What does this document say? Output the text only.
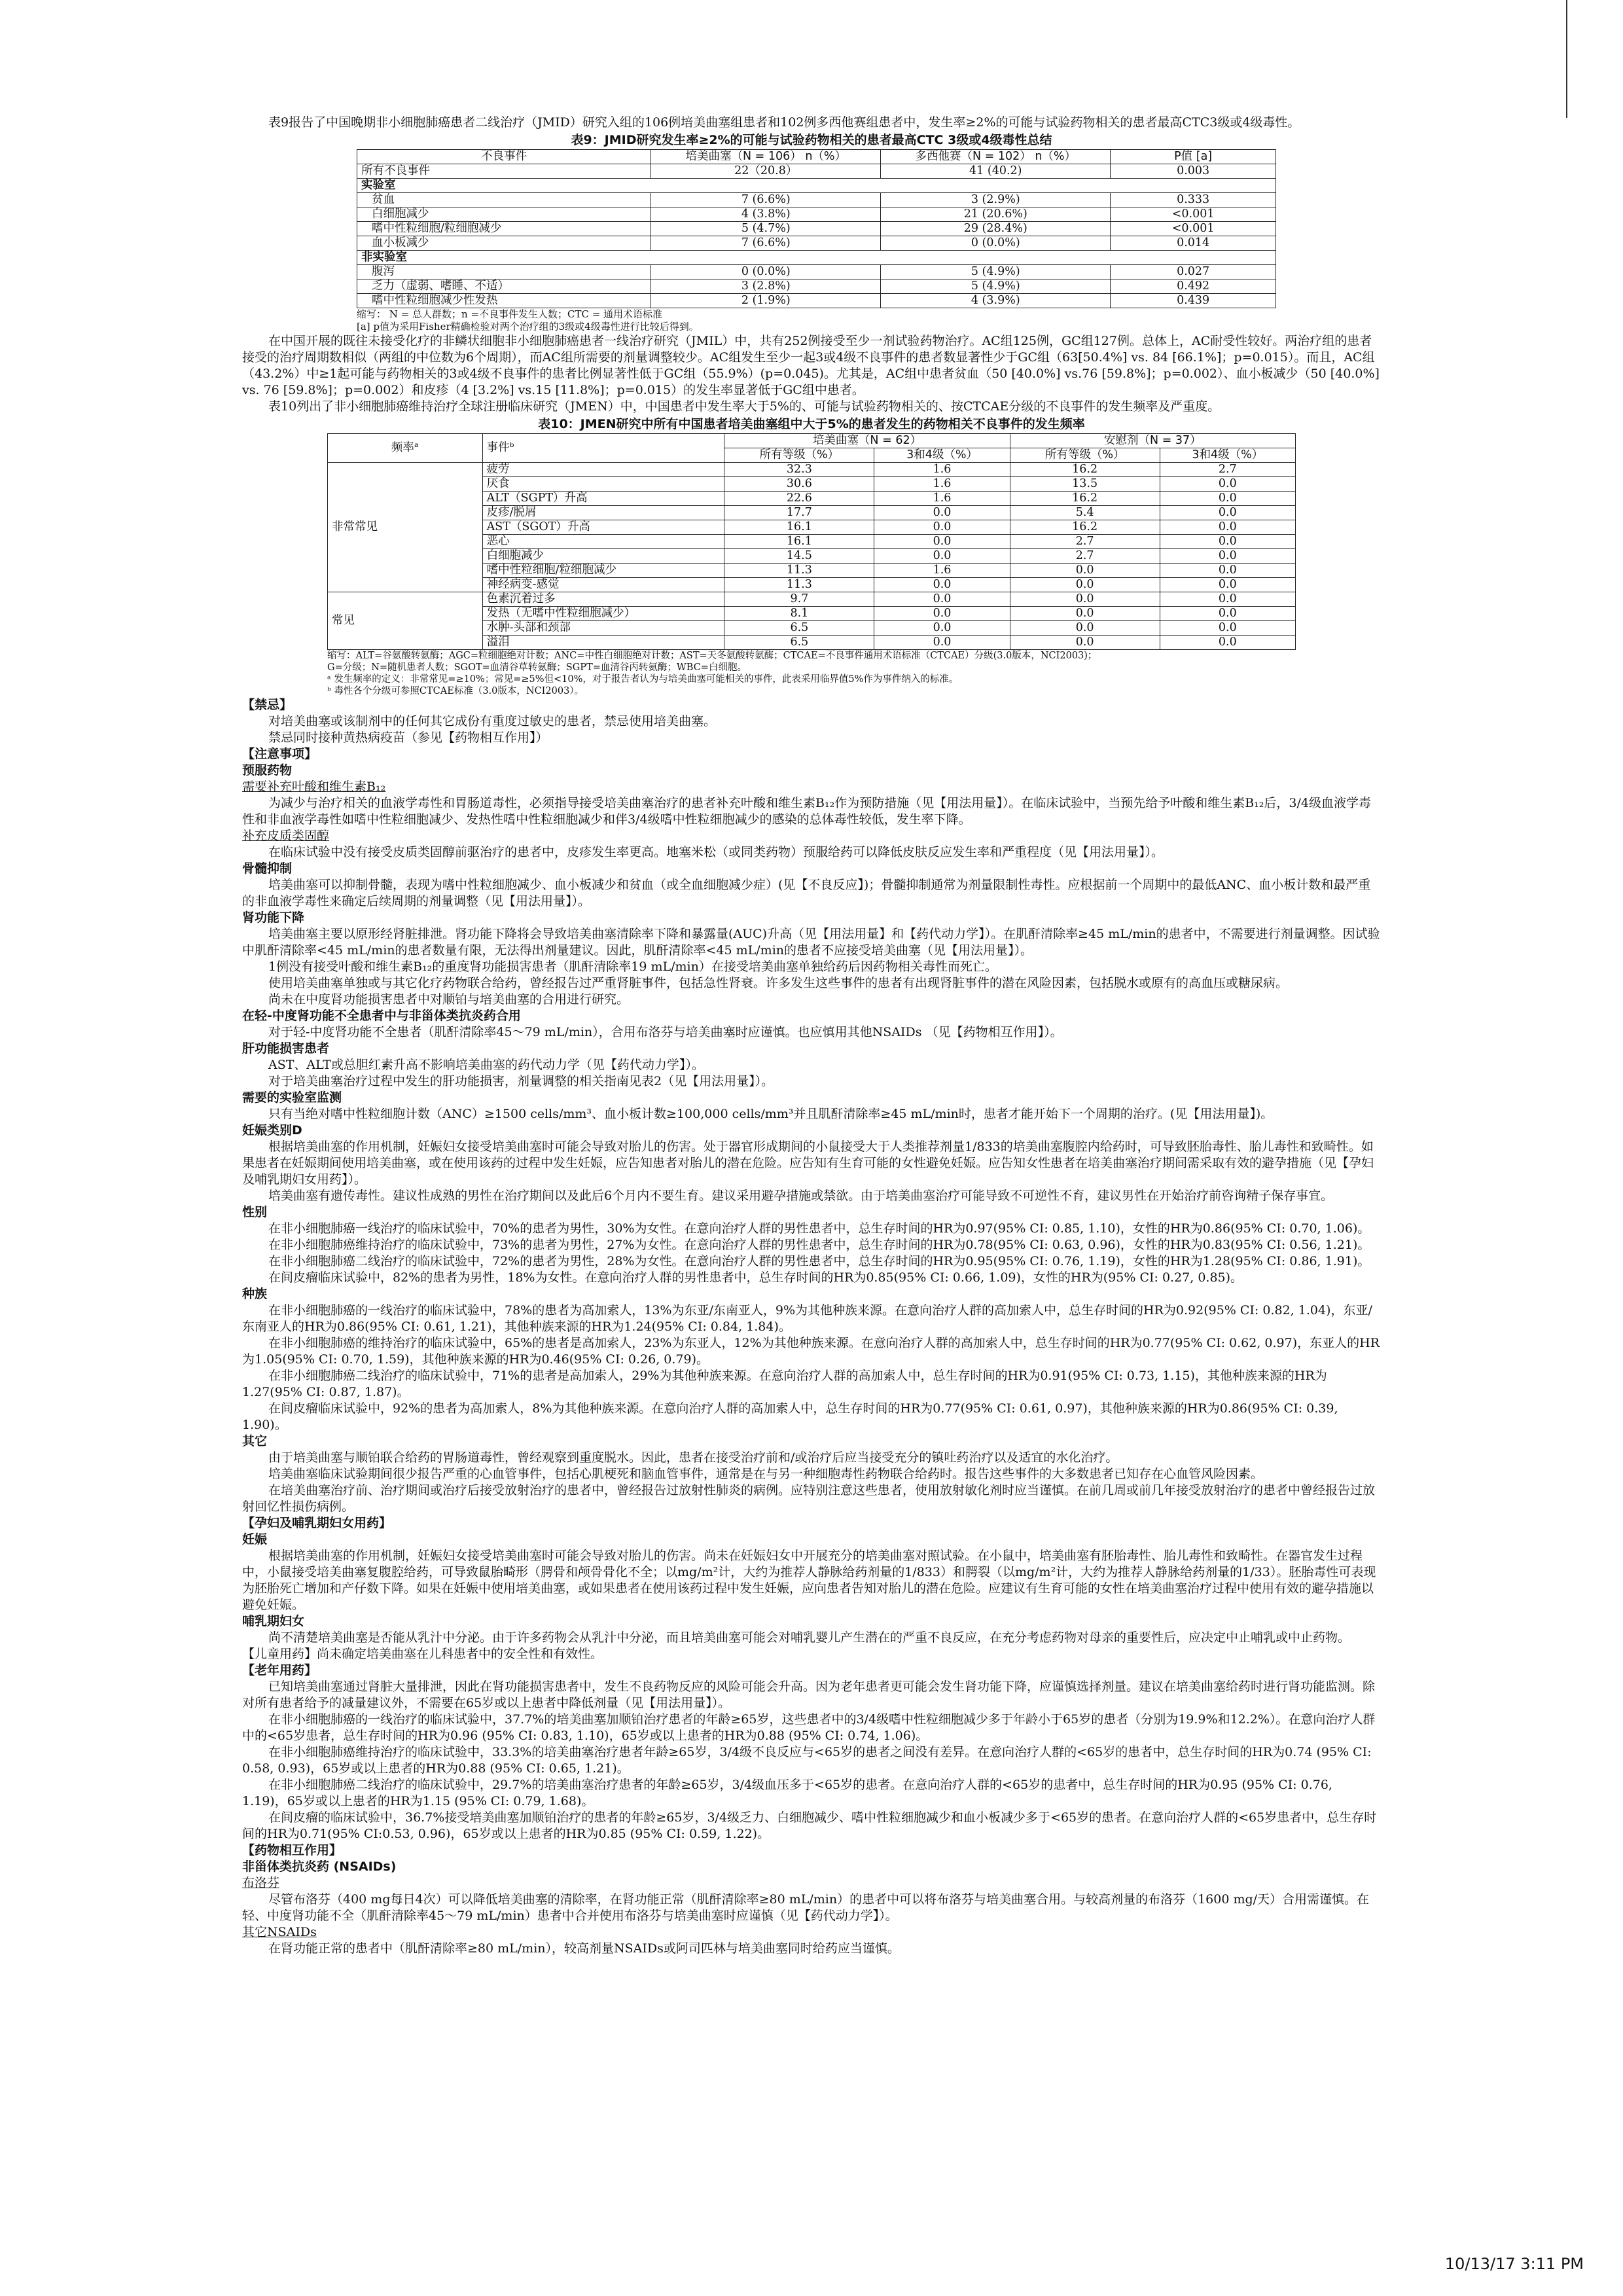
表9报告了中国晚期非小细胞肺癌患者二线治疗（JMID）研究入组的106例培美曲塞组患者和102例多西他赛组患者中，发生率≥2%的可能与试验药物相关的患者最高CTC3级或4级毒性。

表9：JMID研究发生率≥2%的可能与试验药物相关的患者最高CTC 3级或4级毒性总结
不良事件	培美曲塞（N = 106） n（%）	多西他赛（N = 102） n（%）	P值 [a]
所有不良事件	22（20.8）	41 (40.2)	0.003
实验室			
贫血	7 (6.6%)	3 (2.9%)	0.333
白细胞减少	4 (3.8%)	21 (20.6%)	<0.001
嗜中性粒细胞/粒细胞减少	5 (4.7%)	29 (28.4%)	<0.001
血小板减少	7 (6.6%)	0 (0.0%)	0.014
非实验室			
腹泻	0 (0.0%)	5 (4.9%)	0.027
乏力（虚弱、嗜睡、不适）	3 (2.8%)	5 (4.9%)	0.492
嗜中性粒细胞减少性发热	2 (1.9%)	4 (3.9%)	0.439

缩写： N = 总人群数；n =不良事件发生人数；CTC = 通用术语标准

[a] p值为采用Fisher精确检验对两个治疗组的3级或4级毒性进行比较后得到。

在中国开展的既往未接受化疗的非鳞状细胞非小细胞肺癌患者一线治疗研究（JMIL）中，共有252例接受至少一剂试验药物治疗。AC组125例，GC组127例。总体上，AC耐受性较好。两治疗组的患者接受的治疗周期数相似（两组的中位数为6个周期），而AC组所需要的剂量调整较少。AC组发生至少一起3或4级不良事件的患者数显著性少于GC组（63[50.4%] vs. 84 [66.1%]；p=0.015）。而且，AC组（43.2%）中≥1起可能与药物相关的3或4级不良事件的患者比例显著性低于GC组（55.9%）(p=0.045)。尤其是，AC组中患者贫血（50 [40.0%] vs.76 [59.8%]；p=0.002）、血小板减少（50 [40.0%] vs. 76 [59.8%]；p=0.002）和皮疹（4 [3.2%] vs.15 [11.8%]；p=0.015）的发生率显著低于GC组中患者。

表10列出了非小细胞肺癌维持治疗全球注册临床研究（JMEN）中，中国患者中发生率大于5%的、可能与试验药物相关的、按CTCAE分级的不良事件的发生频率及严重度。

表10：JMEN研究中所有中国患者培美曲塞组中大于5%的患者发生的药物相关不良事件的发生频率
频率ᵃ	事件ᵇ	培美曲塞（N = 62）		安慰剂（N = 37）	
		所有等级（%）	3和4级（%）	所有等级（%）	3和4级（%）
非常常见	疲劳	32.3	1.6	16.2	2.7
	厌食	30.6	1.6	13.5	0.0
	ALT（SGPT）升高	22.6	1.6	16.2	0.0
	皮疹/脱屑	17.7	0.0	5.4	0.0
	AST（SGOT）升高	16.1	0.0	16.2	0.0
	恶心	16.1	0.0	2.7	0.0
	白细胞减少	14.5	0.0	2.7	0.0
	嗜中性粒细胞/粒细胞减少	11.3	1.6	0.0	0.0
	神经病变-感觉	11.3	0.0	0.0	0.0
常见	色素沉着过多	9.7	0.0	0.0	0.0
	发热（无嗜中性粒细胞减少）	8.1	0.0	0.0	0.0
	水肿-头部和颈部	6.5	0.0	0.0	0.0
	溢泪	6.5	0.0	0.0	0.0

缩写：ALT=谷氨酸转氨酶；AGC=粒细胞绝对计数；ANC=中性白细胞绝对计数；AST=天冬氨酸转氨酶；CTCAE=不良事件通用术语标准（CTCAE）分级(3.0版本，NCI2003)；

G=分级；N=随机患者人数；SGOT=血清谷草转氨酶；SGPT=血清谷丙转氨酶；WBC=白细胞。

ᵃ 发生频率的定义：非常常见=≥10%；常见=≥5%但<10%，对于报告者认为与培美曲塞可能相关的事件，此表采用临界值5%作为事件纳入的标准。

ᵇ 毒性各个分级可参照CTCAE标准（3.0版本，NCI2003）。

【禁忌】

对培美曲塞或该制剂中的任何其它成份有重度过敏史的患者，禁忌使用培美曲塞。

禁忌同时接种黄热病疫苗（参见【药物相互作用】）

【注意事项】

预服药物

需要补充叶酸和维生素B₁₂

为减少与治疗相关的血液学毒性和胃肠道毒性，必须指导接受培美曲塞治疗的患者补充叶酸和维生素B₁₂作为预防措施（见【用法用量】）。在临床试验中，当预先给予叶酸和维生素B₁₂后，3/4级血液学毒性和非血液学毒性如嗜中性粒细胞减少、发热性嗜中性粒细胞减少和伴3/4级嗜中性粒细胞减少的感染的总体毒性较低，发生率下降。

补充皮质类固醇

在临床试验中没有接受皮质类固醇前驱治疗的患者中，皮疹发生率更高。地塞米松（或同类药物）预服给药可以降低皮肤反应发生率和严重程度（见【用法用量】）。

骨髓抑制

培美曲塞可以抑制骨髓，表现为嗜中性粒细胞减少、血小板减少和贫血（或全血细胞减少症）(见【不良反应】)；骨髓抑制通常为剂量限制性毒性。应根据前一个周期中的最低ANC、血小板计数和最严重的非血液学毒性来确定后续周期的剂量调整（见【用法用量】）。

肾功能下降

培美曲塞主要以原形经肾脏排泄。肾功能下降将会导致培美曲塞清除率下降和暴露量(AUC)升高（见【用法用量】和【药代动力学】）。在肌酐清除率≥45 mL/min的患者中，不需要进行剂量调整。因试验中肌酐清除率<45 mL/min的患者数量有限，无法得出剂量建议。因此，肌酐清除率<45 mL/min的患者不应接受培美曲塞（见【用法用量】）。

1例没有接受叶酸和维生素B₁₂的重度肾功能损害患者（肌酐清除率19 mL/min）在接受培美曲塞单独给药后因药物相关毒性而死亡。

使用培美曲塞单独或与其它化疗药物联合给药，曾经报告过严重肾脏事件，包括急性肾衰。许多发生这些事件的患者有出现肾脏事件的潜在风险因素，包括脱水或原有的高血压或糖尿病。

尚未在中度肾功能损害患者中对顺铂与培美曲塞的合用进行研究。

在轻-中度肾功能不全患者中与非甾体类抗炎药合用

对于轻-中度肾功能不全患者（肌酐清除率45～79 mL/min），合用布洛芬与培美曲塞时应谨慎。也应慎用其他NSAIDs （见【药物相互作用】）。

肝功能损害患者

AST、ALT或总胆红素升高不影响培美曲塞的药代动力学（见【药代动力学】）。

对于培美曲塞治疗过程中发生的肝功能损害，剂量调整的相关指南见表2（见【用法用量】）。

需要的实验室监测

只有当绝对嗜中性粒细胞计数（ANC）≥1500 cells/mm³、血小板计数≥100,000 cells/mm³并且肌酐清除率≥45 mL/min时，患者才能开始下一个周期的治疗。(见【用法用量】)。

妊娠类别D

根据培美曲塞的作用机制，妊娠妇女接受培美曲塞时可能会导致对胎儿的伤害。处于器官形成期间的小鼠接受大于人类推荐剂量1/833的培美曲塞腹腔内给药时，可导致胚胎毒性、胎儿毒性和致畸性。如果患者在妊娠期间使用培美曲塞，或在使用该药的过程中发生妊娠，应告知患者对胎儿的潜在危险。应告知有生育可能的女性避免妊娠。应告知女性患者在培美曲塞治疗期间需采取有效的避孕措施（见【孕妇及哺乳期妇女用药】）。

培美曲塞有遗传毒性。建议性成熟的男性在治疗期间以及此后6个月内不要生育。建议采用避孕措施或禁欲。由于培美曲塞治疗可能导致不可逆性不育，建议男性在开始治疗前咨询精子保存事宜。

性别

在非小细胞肺癌一线治疗的临床试验中，70%的患者为男性，30%为女性。在意向治疗人群的男性患者中，总生存时间的HR为0.97(95% CI: 0.85, 1.10)，女性的HR为0.86(95% CI: 0.70, 1.06)。

在非小细胞肺癌维持治疗的临床试验中，73%的患者为男性，27%为女性。在意向治疗人群的男性患者中，总生存时间的HR为0.78(95% CI: 0.63, 0.96)，女性的HR为0.83(95% CI: 0.56, 1.21)。

在非小细胞肺癌二线治疗的临床试验中，72%的患者为男性，28%为女性。在意向治疗人群的男性患者中，总生存时间的HR为0.95(95% CI: 0.76, 1.19)，女性的HR为1.28(95% CI: 0.86, 1.91)。

在间皮瘤临床试验中，82%的患者为男性，18%为女性。在意向治疗人群的男性患者中，总生存时间的HR为0.85(95% CI: 0.66, 1.09)，女性的HR为(95% CI: 0.27, 0.85)。

种族

在非小细胞肺癌的一线治疗的临床试验中，78%的患者为高加索人，13%为东亚/东南亚人，9%为其他种族来源。在意向治疗人群的高加索人中，总生存时间的HR为0.92(95% CI: 0.82, 1.04)，东亚/东南亚人的HR为0.86(95% CI: 0.61, 1.21)，其他种族来源的HR为1.24(95% CI: 0.84, 1.84)。

在非小细胞肺癌的维持治疗的临床试验中，65%的患者是高加索人，23%为东亚人，12%为其他种族来源。在意向治疗人群的高加索人中，总生存时间的HR为0.77(95% CI: 0.62, 0.97)，东亚人的HR为1.05(95% CI: 0.70, 1.59)，其他种族来源的HR为0.46(95% CI: 0.26, 0.79)。

在非小细胞肺癌二线治疗的临床试验中，71%的患者是高加索人，29%为其他种族来源。在意向治疗人群的高加索人中，总生存时间的HR为0.91(95% CI: 0.73, 1.15)，其他种族来源的HR为1.27(95% CI: 0.87, 1.87)。

在间皮瘤临床试验中，92%的患者为高加索人，8%为其他种族来源。在意向治疗人群的高加索人中，总生存时间的HR为0.77(95% CI: 0.61, 0.97)，其他种族来源的HR为0.86(95% CI: 0.39, 1.90)。

其它

由于培美曲塞与顺铂联合给药的胃肠道毒性，曾经观察到重度脱水。因此，患者在接受治疗前和/或治疗后应当接受充分的镇吐药治疗以及适宜的水化治疗。

培美曲塞临床试验期间很少报告严重的心血管事件，包括心肌梗死和脑血管事件，通常是在与另一种细胞毒性药物联合给药时。报告这些事件的大多数患者已知存在心血管风险因素。

在培美曲塞治疗前、治疗期间或治疗后接受放射治疗的患者中，曾经报告过放射性肺炎的病例。应特别注意这些患者，使用放射敏化剂时应当谨慎。在前几周或前几年接受放射治疗的患者中曾经报告过放射回忆性损伤病例。

【孕妇及哺乳期妇女用药】

妊娠

根据培美曲塞的作用机制，妊娠妇女接受培美曲塞时可能会导致对胎儿的伤害。尚未在妊娠妇女中开展充分的培美曲塞对照试验。在小鼠中，培美曲塞有胚胎毒性、胎儿毒性和致畸性。在器官发生过程中，小鼠接受培美曲塞复腹腔给药，可导致鼠胎畸形（腭骨和颅骨骨化不全；以mg/m²计，大约为推荐人静脉给药剂量的1/833）和腭裂（以mg/m²计，大约为推荐人静脉给药剂量的1/33）。胚胎毒性可表现为胚胎死亡增加和产仔数下降。如果在妊娠中使用培美曲塞，或如果患者在使用该药过程中发生妊娠，应向患者告知对胎儿的潜在危险。应建议有生育可能的女性在培美曲塞治疗过程中使用有效的避孕措施以避免妊娠。

哺乳期妇女

尚不清楚培美曲塞是否能从乳汁中分泌。由于许多药物会从乳汁中分泌，而且培美曲塞可能会对哺乳婴儿产生潜在的严重不良反应，在充分考虑药物对母亲的重要性后，应决定中止哺乳或中止药物。

【儿童用药】尚未确定培美曲塞在儿科患者中的安全性和有效性。

【老年用药】

已知培美曲塞通过肾脏大量排泄，因此在肾功能损害患者中，发生不良药物反应的风险可能会升高。因为老年患者更可能会发生肾功能下降，应谨慎选择剂量。建议在培美曲塞给药时进行肾功能监测。除对所有患者给予的减量建议外，不需要在65岁或以上患者中降低剂量（见【用法用量】）。

在非小细胞肺癌的一线治疗的临床试验中，37.7%的培美曲塞加顺铂治疗患者的年龄≥65岁，这些患者中的3/4级嗜中性粒细胞减少多于年龄小于65岁的患者（分别为19.9%和12.2%）。在意向治疗人群中的<65岁患者，总生存时间的HR为0.96 (95% CI: 0.83, 1.10)，65岁或以上患者的HR为0.88 (95% CI: 0.74, 1.06)。

在非小细胞肺癌维持治疗的临床试验中，33.3%的培美曲塞治疗患者年龄≥65岁，3/4级不良反应与<65岁的患者之间没有差异。在意向治疗人群的<65岁的患者中，总生存时间的HR为0.74 (95% CI: 0.58, 0.93)，65岁或以上患者的HR为0.88 (95% CI: 0.65, 1.21)。

在非小细胞肺癌二线治疗的临床试验中，29.7%的培美曲塞治疗患者的年龄≥65岁，3/4级血压多于<65岁的患者。在意向治疗人群的<65岁的患者中，总生存时间的HR为0.95 (95% CI: 0.76, 1.19)，65岁或以上患者的HR为1.15 (95% CI: 0.79, 1.68)。

在间皮瘤的临床试验中，36.7%接受培美曲塞加顺铂治疗的患者的年龄≥65岁，3/4级乏力、白细胞减少、嗜中性粒细胞减少和血小板减少多于<65岁的患者。在意向治疗人群的<65岁患者中，总生存时间的HR为0.71(95% CI:0.53, 0.96)，65岁或以上患者的HR为0.85 (95% CI: 0.59, 1.22)。

【药物相互作用】

非甾体类抗炎药 (NSAIDs)

布洛芬

尽管布洛芬（400 mg每日4次）可以降低培美曲塞的清除率，在肾功能正常（肌酐清除率≥80 mL/min）的患者中可以将布洛芬与培美曲塞合用。与较高剂量的布洛芬（1600 mg/天）合用需谨慎。在轻、中度肾功能不全（肌酐清除率45～79 mL/min）患者中合并使用布洛芬与培美曲塞时应谨慎（见【药代动力学】）。

其它NSAIDs

在肾功能正常的患者中（肌酐清除率≥80 mL/min），较高剂量NSAIDs或阿司匹林与培美曲塞同时给药应当谨慎。

10/13/17 3:11 PM
